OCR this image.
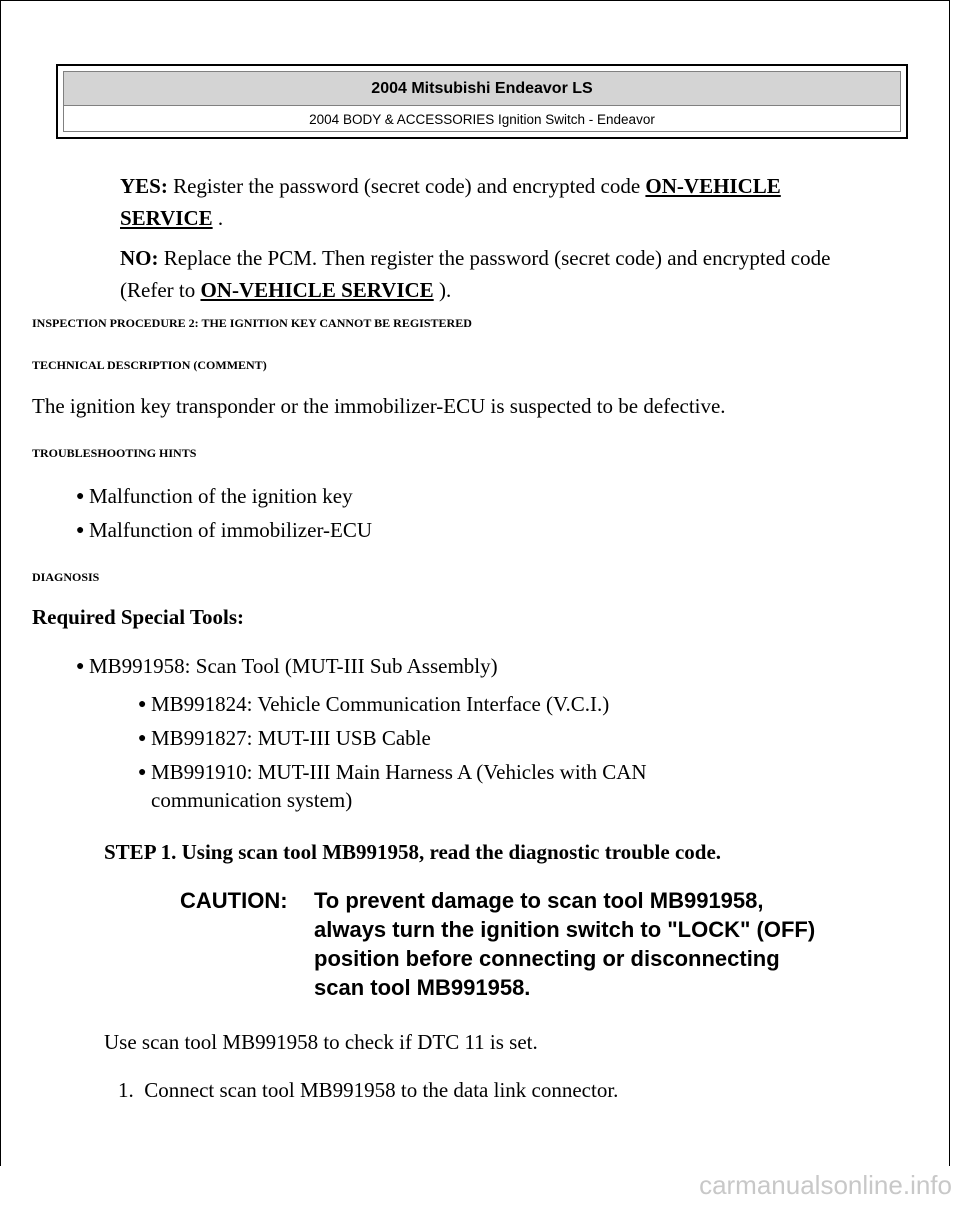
2004 Mitsubishi Endeavor LS
2004 BODY & ACCESSORIES Ignition Switch - Endeavor
YES: Register the password (secret code) and encrypted code ON-VEHICLE SERVICE .
NO: Replace the PCM. Then register the password (secret code) and encrypted code (Refer to ON-VEHICLE SERVICE ).
INSPECTION PROCEDURE 2: THE IGNITION KEY CANNOT BE REGISTERED
TECHNICAL DESCRIPTION (COMMENT)
The ignition key transponder or the immobilizer-ECU is suspected to be defective.
TROUBLESHOOTING HINTS
● Malfunction of the ignition key
● Malfunction of immobilizer-ECU
DIAGNOSIS
Required Special Tools:
● MB991958: Scan Tool (MUT-III Sub Assembly)
● MB991824: Vehicle Communication Interface (V.C.I.)
● MB991827: MUT-III USB Cable
● MB991910: MUT-III Main Harness A (Vehicles with CAN
communication system)
STEP 1. Using scan tool MB991958, read the diagnostic trouble code.
CAUTION: To prevent damage to scan tool MB991958,
always turn the ignition switch to "LOCK" (OFF)
position before connecting or disconnecting
scan tool MB991958.
Use scan tool MB991958 to check if DTC 11 is set.
1. Connect scan tool MB991958 to the data link connector.
carmanualsonline.info
